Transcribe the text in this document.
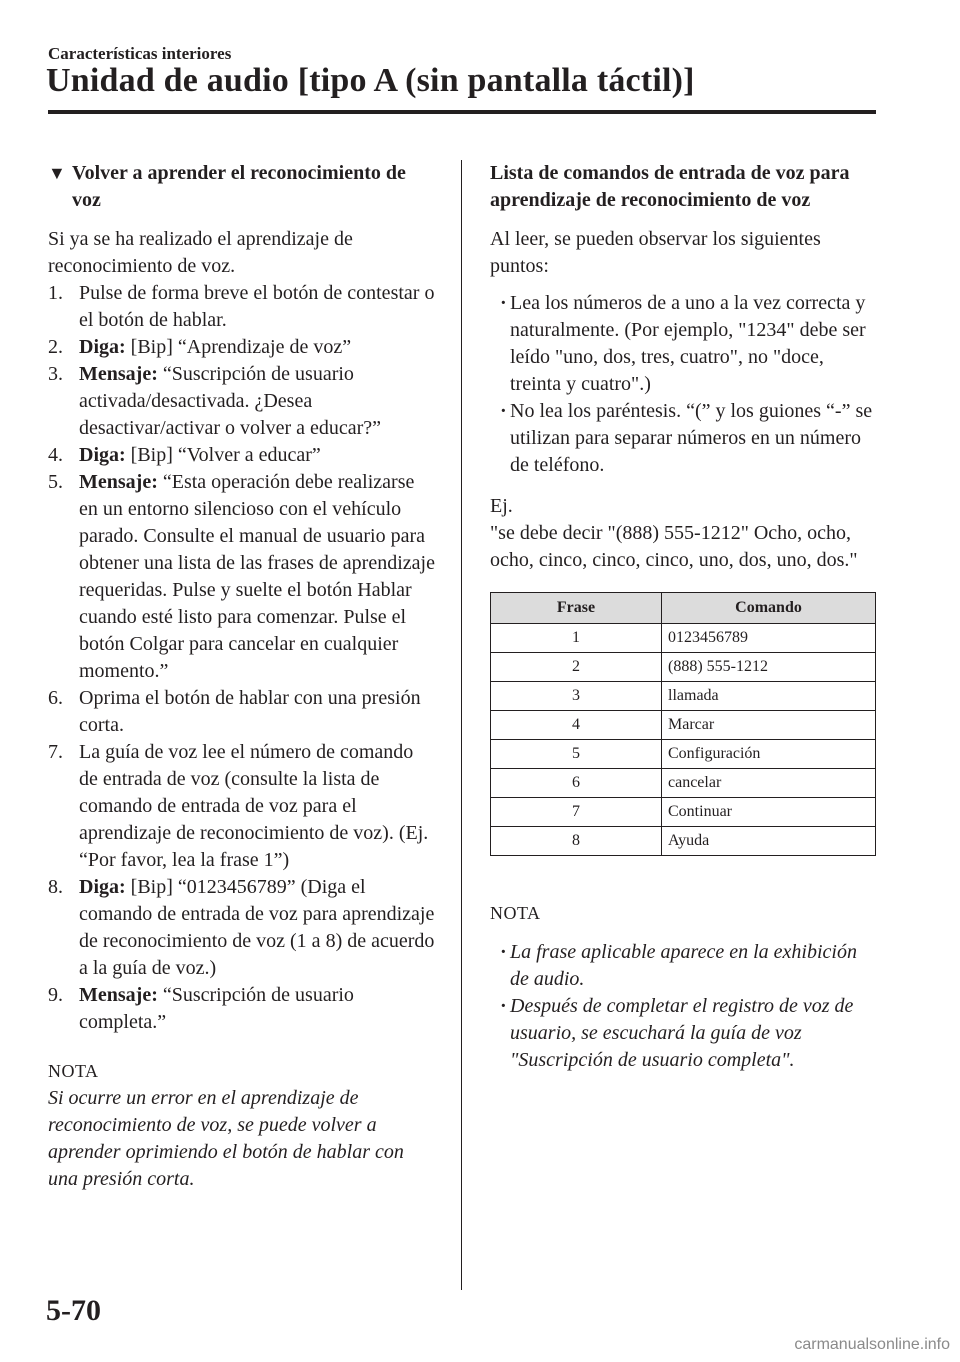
Características interiores
Unidad de audio [tipo A (sin pantalla táctil)]
▼ Volver a aprender el reconocimiento de voz

Si ya se ha realizado el aprendizaje de reconocimiento de voz.

1. Pulse de forma breve el botón de contestar o el botón de hablar.
2. Diga: [Bip] “Aprendizaje de voz”
3. Mensaje: “Suscripción de usuario activada/desactivada. ¿Desea desactivar/activar o volver a educar?”
4. Diga: [Bip] “Volver a educar”
5. Mensaje: “Esta operación debe realizarse en un entorno silencioso con el vehículo parado. Consulte el manual de usuario para obtener una lista de las frases de aprendizaje requeridas. Pulse y suelte el botón Hablar cuando esté listo para comenzar. Pulse el botón Colgar para cancelar en cualquier momento.”
6. Oprima el botón de hablar con una presión corta.
7. La guía de voz lee el número de comando de entrada de voz (consulte la lista de comando de entrada de voz para el aprendizaje de reconocimiento de voz). (Ej. “Por favor, lea la frase 1”)
8. Diga: [Bip] “0123456789” (Diga el comando de entrada de voz para aprendizaje de reconocimiento de voz (1 a 8) de acuerdo a la guía de voz.)
9. Mensaje: “Suscripción de usuario completa.”
NOTA

Si ocurre un error en el aprendizaje de reconocimiento de voz, se puede volver a aprender oprimiendo el botón de hablar con una presión corta.

Lista de comandos de entrada de voz para aprendizaje de reconocimiento de voz

Al leer, se pueden observar los siguientes puntos:

· Lea los números de a uno a la vez correcta y naturalmente. (Por ejemplo, "1234" debe ser leído "uno, dos, tres, cuatro", no "doce, treinta y cuatro".)
· No lea los paréntesis. “(” y los guiones “-” se utilizan para separar números en un número de teléfono.

Ej.

"se debe decir "(888) 555-1212" Ocho, ocho, ocho, cinco, cinco, cinco, uno, dos, uno, dos."

Frase	Comando
1	0123456789
2	(888) 555-1212
3	llamada
4	Marcar
5	Configuración
6	cancelar
7	Continuar
8	Ayuda
NOTA
· La frase aplicable aparece en la exhibición de audio.
· Después de completar el registro de voz de usuario, se escuchará la guía de voz "Suscripción de usuario completa".
5-70
carmanualsonline.info
